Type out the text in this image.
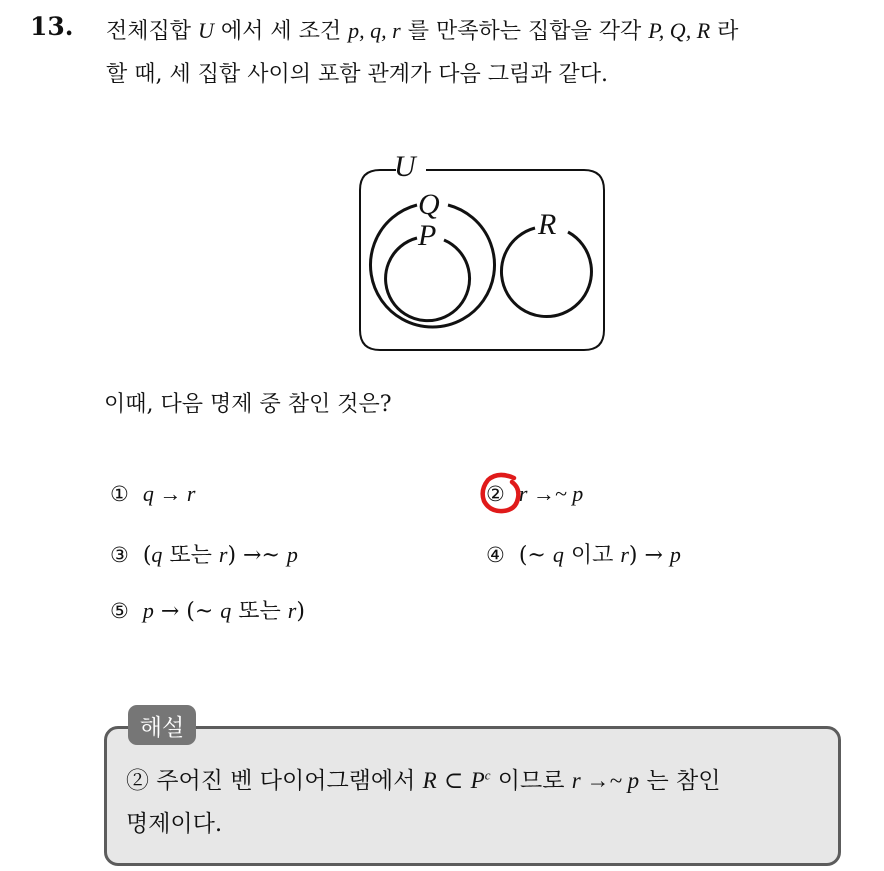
13. 전체집합 U 에서 세 조건 p, q, r 를 만족하는 집합을 각각 P, Q, R 라
할 때, 세 집합 사이의 포함 관계가 다음 그림과 같다.
U
Q
P	R
이때, 다음 명제 중 참인 것은?
① q → r	② r →~ p
③ (q 또는 r) →~ p	④ (~ q 이고 r) → p
⑤ p → (~ q 또는 r)
해설
② 주어진 벤 다이어그램에서 R ⊂ $P^c$ 이므로 r →~ p 는 참인
명제이다.
